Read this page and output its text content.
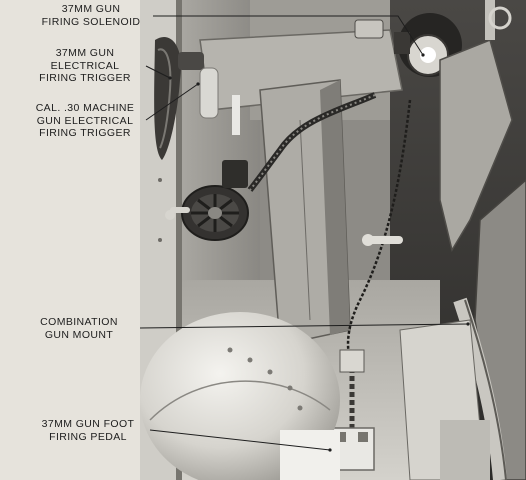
37MM GUN
FIRING SOLENOID
37MM GUN
ELECTRICAL
FIRING TRIGGER
CAL. .30 MACHINE
GUN ELECTRICAL
FIRING TRIGGER
COMBINATION
GUN MOUNT
37MM GUN FOOT
FIRING PEDAL
